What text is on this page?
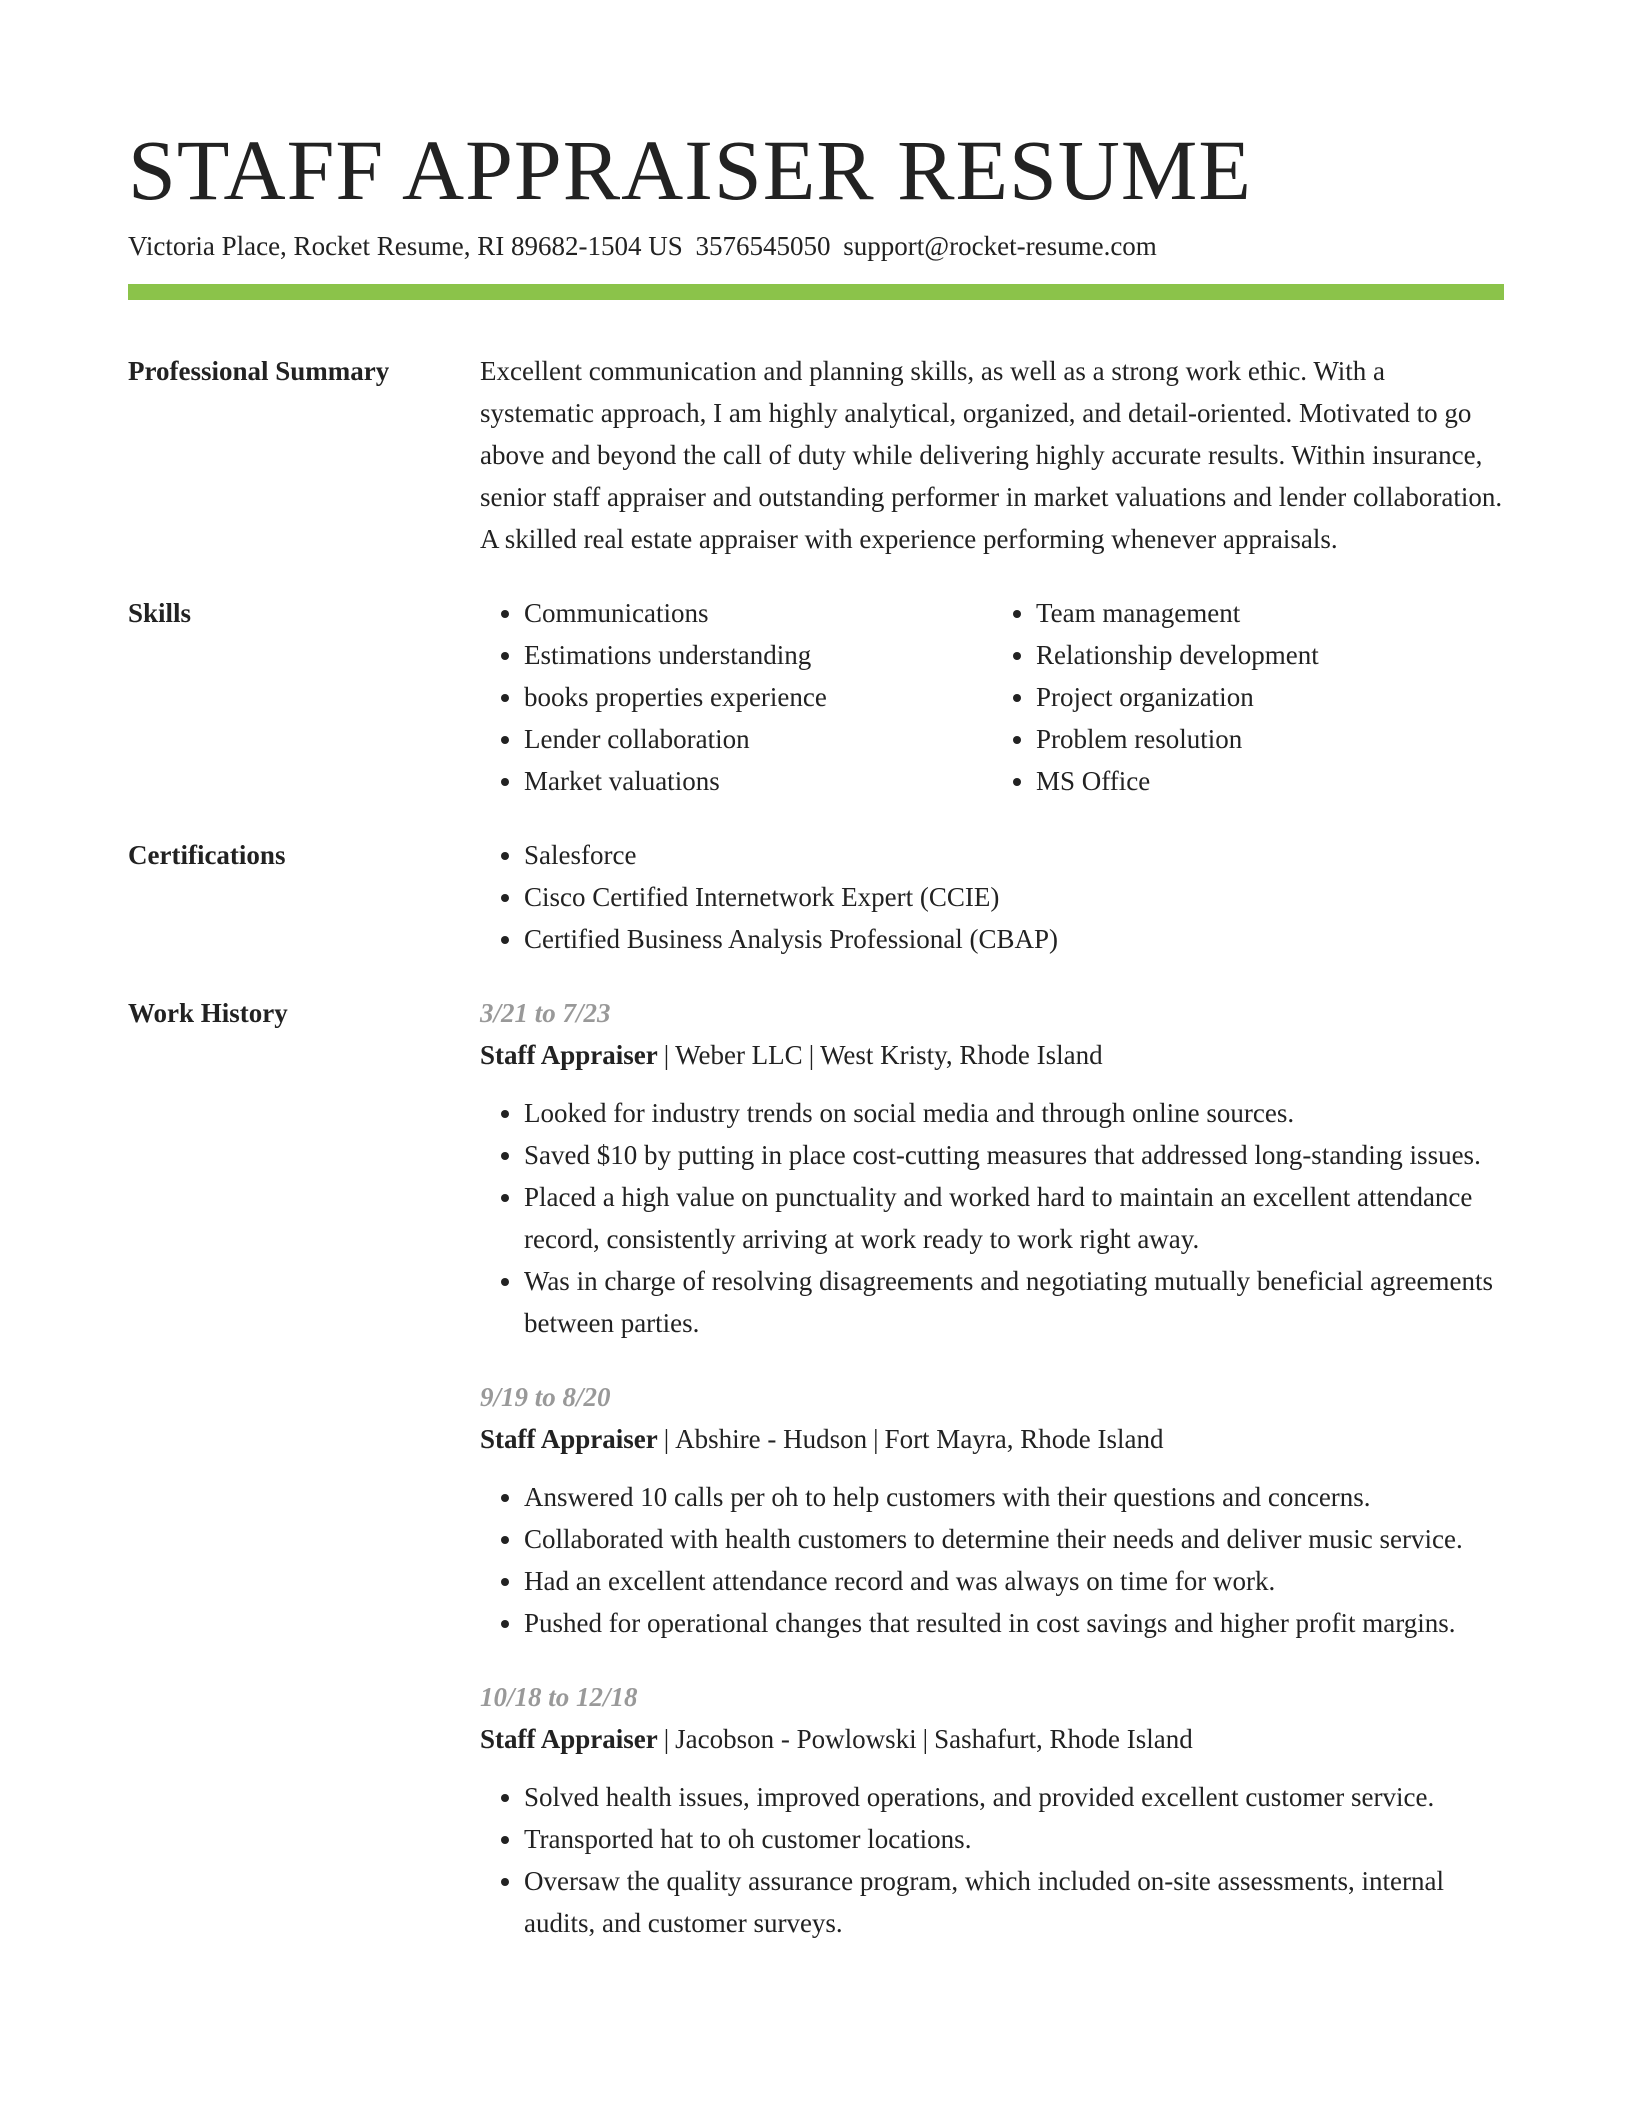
STAFF APPRAISER RESUME
Victoria Place, Rocket Resume, RI 89682-1504 US 3576545050 support@rocket-resume.com
Professional Summary	Excellent communication and planning skills, as well as a strong work ethic. With a systematic approach, I am highly analytical, organized, and detail-oriented. Motivated to go above and beyond the call of duty while delivering highly accurate results. Within insurance, senior staff appraiser and outstanding performer in market valuations and lender collaboration. A skilled real estate appraiser with experience performing whenever appraisals.
Skills	• Communications
• Estimations understanding
• books properties experience
• Lender collaboration
• Market valuations
• Team management
• Relationship development
• Project organization
• Problem resolution
• MS Office
Certifications	• Salesforce
• Cisco Certified Internetwork Expert (CCIE)
• Certified Business Analysis Professional (CBAP)
Work History	3/21 to 7/23
Staff Appraiser | Weber LLC | West Kristy, Rhode Island
• Looked for industry trends on social media and through online sources.
• Saved $10 by putting in place cost-cutting measures that addressed long-standing issues.
• Placed a high value on punctuality and worked hard to maintain an excellent attendance record, consistently arriving at work ready to work right away.
• Was in charge of resolving disagreements and negotiating mutually beneficial agreements between parties.
9/19 to 8/20
Staff Appraiser | Abshire - Hudson | Fort Mayra, Rhode Island
• Answered 10 calls per oh to help customers with their questions and concerns.
• Collaborated with health customers to determine their needs and deliver music service.
• Had an excellent attendance record and was always on time for work.
• Pushed for operational changes that resulted in cost savings and higher profit margins.
10/18 to 12/18
Staff Appraiser | Jacobson - Powlowski | Sashafurt, Rhode Island
• Solved health issues, improved operations, and provided excellent customer service.
• Transported hat to oh customer locations.
• Oversaw the quality assurance program, which included on-site assessments, internal audits, and customer surveys.
